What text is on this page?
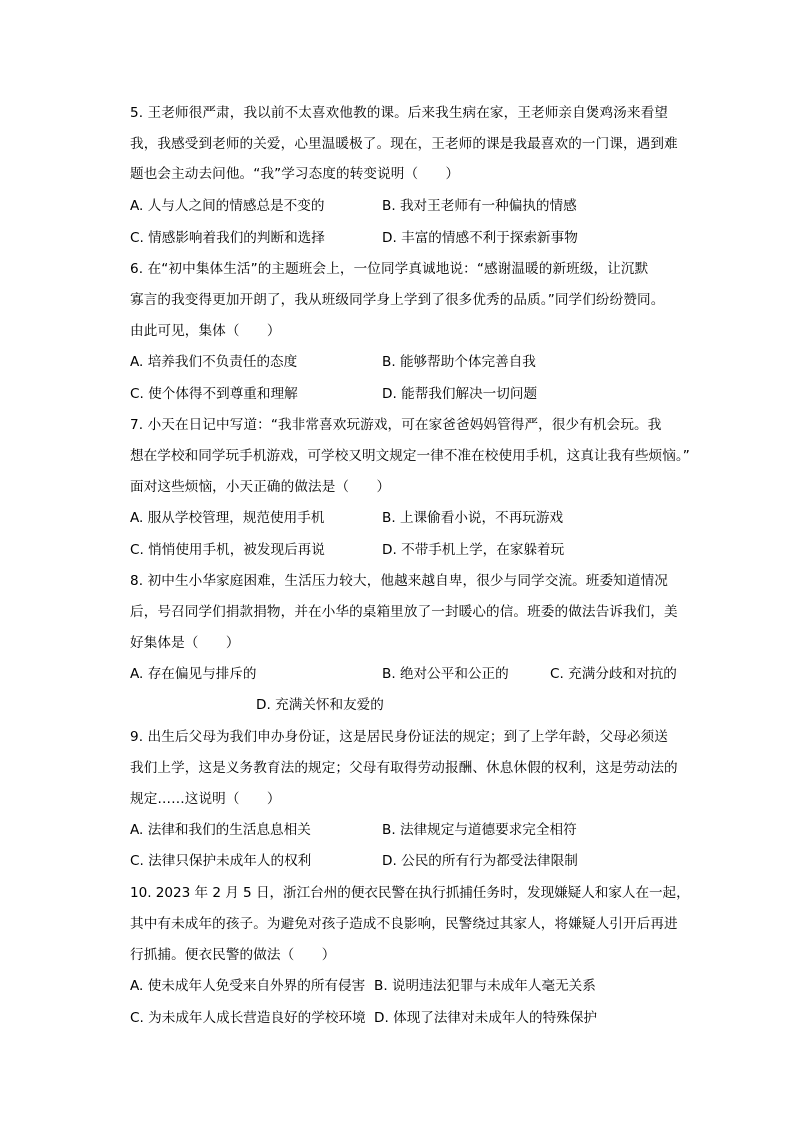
5. 王老师很严肃，我以前不太喜欢他教的课。后来我生病在家，王老师亲自煲鸡汤来看望
我，我感受到老师的关爱，心里温暖极了。现在，王老师的课是我最喜欢的一门课，遇到难
题也会主动去问他。“我”学习态度的转变说明（　　）
A. 人与人之间的情感总是不变的	B. 我对王老师有一种偏执的情感
C. 情感影响着我们的判断和选择	D. 丰富的情感不利于探索新事物
6. 在“初中集体生活”的主题班会上，一位同学真诚地说：“感谢温暖的新班级，让沉默
寡言的我变得更加开朗了，我从班级同学身上学到了很多优秀的品质。”同学们纷纷赞同。
由此可见，集体（　　）
A. 培养我们不负责任的态度	B. 能够帮助个体完善自我
C. 使个体得不到尊重和理解	D. 能帮我们解决一切问题
7. 小天在日记中写道：“我非常喜欢玩游戏，可在家爸爸妈妈管得严，很少有机会玩。我
想在学校和同学玩手机游戏，可学校又明文规定一律不准在校使用手机，这真让我有些烦恼。”
面对这些烦恼，小天正确的做法是（　　）
A. 服从学校管理，规范使用手机	B. 上课偷看小说，不再玩游戏
C. 悄悄使用手机，被发现后再说	D. 不带手机上学，在家躲着玩
8. 初中生小华家庭困难，生活压力较大，他越来越自卑，很少与同学交流。班委知道情况
后，号召同学们捐款捐物，并在小华的桌箱里放了一封暖心的信。班委的做法告诉我们，美
好集体是（　　）
A. 存在偏见与排斥的	B. 绝对公平和公正的	C. 充满分歧和对抗的
D. 充满关怀和友爱的
9. 出生后父母为我们申办身份证，这是居民身份证法的规定；到了上学年龄，父母必须送
我们上学，这是义务教育法的规定；父母有取得劳动报酬、休息休假的权利，这是劳动法的
规定……这说明（　　）
A. 法律和我们的生活息息相关	B. 法律规定与道德要求完全相符
C. 法律只保护未成年人的权利	D. 公民的所有行为都受法律限制
10. 2023 年 2 月 5 日，浙江台州的便衣民警在执行抓捕任务时，发现嫌疑人和家人在一起，
其中有未成年的孩子。为避免对孩子造成不良影响，民警绕过其家人，将嫌疑人引开后再进
行抓捕。便衣民警的做法（　　）
A. 使未成年人免受来自外界的所有侵害 B. 说明违法犯罪与未成年人毫无关系
C. 为未成年人成长营造良好的学校环境 D. 体现了法律对未成年人的特殊保护
